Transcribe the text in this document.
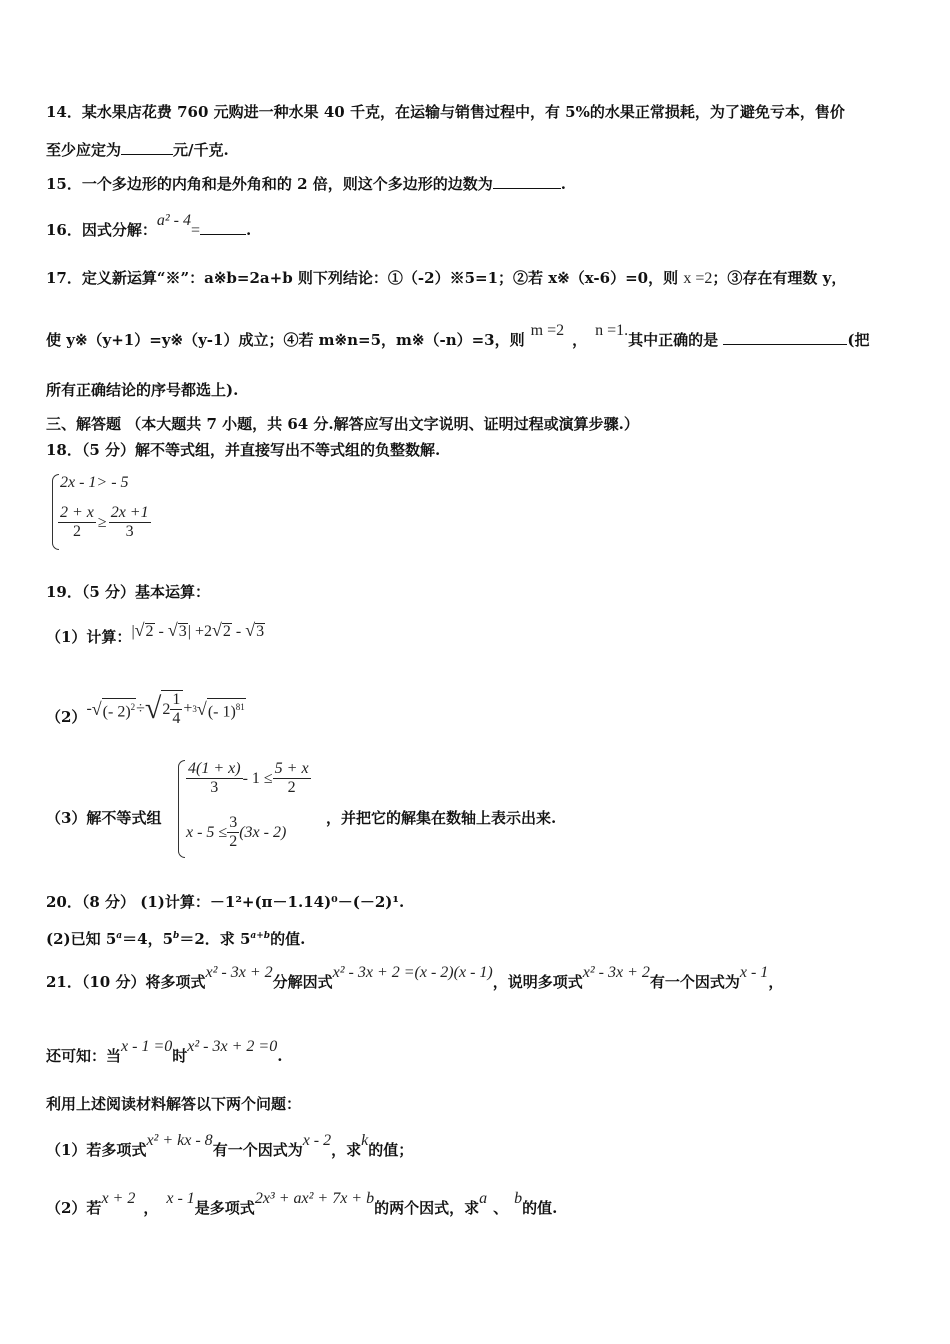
14．某水果店花费 760 元购进一种水果 40 千克，在运输与销售过程中，有 5%的水果正常损耗，为了避免亏本，售价
至少应定为	元/千克.
15．一个多边形的内角和是外角和的 2 倍，则这个多边形的边数为	.
16．因式分解：a² - 4=	.
17．定义新运算“※”：a※b=2a+b 则下列结论：①（-2）※5=1；②若 x※（x-6）=0，则 x =2；③存在有理数 y，
使 y※（y+1）=y※（y-1）成立；④若 m※n=5，m※（-n）=3，则m =2，n =1.其中正确的是	(把
所有正确结论的序号都选上).
三、解答题 （本大题共 7 小题，共 64 分.解答应写出文字说明、证明过程或演算步骤.）
18．（5 分）解不等式组，并直接写出不等式组的负整数解.
2x - 1> - 5
$\frac{2 + x}{2} \ge \frac{2x +1}{3}$
19．（5 分）基本运算：
（1）计算：|√2 - √3| +2√2 - √3
（2） - √ (- 2)$^2$ ÷ √ $2 \frac{1}{4} + 3$ √ (- 1)$^{81}$
（3）解不等式组
$\frac{4(1 + x)}{3} - 1 \le \frac{5 + x}{2}$
$x - 5 \le \frac{3}{2} (3x - 2)$
，并把它的解集在数轴上表示出来.
20．（8 分） (1)计算：－1²+(π－1.14)⁰－(－2)¹.
(2)已知 $5^a=4$，$5^b=2$．求 $5^{a+b}$的值.
21．（10 分）将多项式x² - 3x + 2分解因式x² - 3x + 2 =(x - 2)(x - 1)，说明多项式x² - 3x + 2有一个因式为x - 1，
还可知：当x - 1 =0时x² - 3x + 2 =0.
利用上述阅读材料解答以下两个问题：
（1）若多项式x² + kx - 8有一个因式为x - 2，求k的值；
（2）若x + 2，x - 1是多项式2x³ + ax² + 7x + b的两个因式，求a、b的值.
